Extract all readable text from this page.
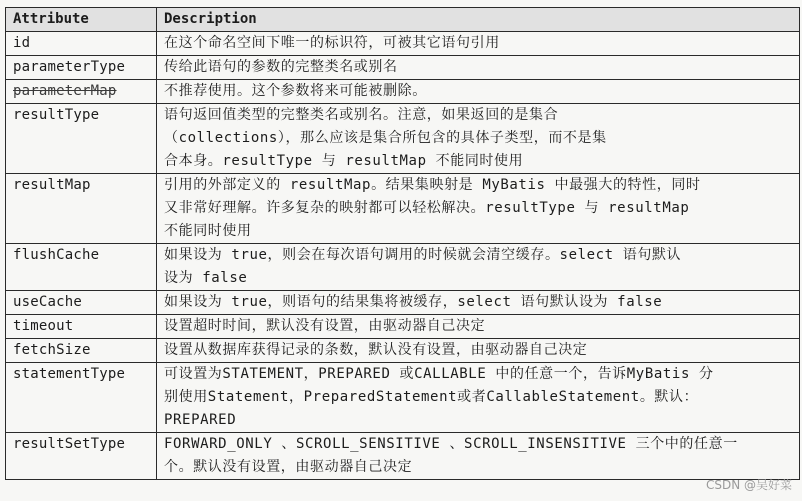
Attribute	Description
id	在这个命名空间下唯一的标识符，可被其它语句引用
parameterType	传给此语句的参数的完整类名或别名
parameterMap	不推荐使用。这个参数将来可能被删除。
resultType	语句返回值类型的完整类名或别名。注意，如果返回的是集合
（collections），那么应该是集合所包含的具体子类型，而不是集
合本身。resultType 与 resultMap 不能同时使用
resultMap	引用的外部定义的 resultMap。结果集映射是 MyBatis 中最强大的特性，同时
又非常好理解。许多复杂的映射都可以轻松解决。resultType 与 resultMap
不能同时使用
flushCache	如果设为 true，则会在每次语句调用的时候就会清空缓存。select 语句默认
设为 false
useCache	如果设为 true，则语句的结果集将被缓存，select 语句默认设为 false
timeout	设置超时时间，默认没有设置，由驱动器自己决定
fetchSize	设置从数据库获得记录的条数，默认没有设置，由驱动器自己决定
statementType	可设置为STATEMENT，PREPARED 或CALLABLE 中的任意一个，告诉MyBatis 分
别使用Statement，PreparedStatement或者CallableStatement。默认：
PREPARED
resultSetType	FORWARD_ONLY 、SCROLL_SENSITIVE 、SCROLL_INSENSITIVE 三个中的任意一
个。默认没有设置，由驱动器自己决定
CSDN @吴好菜
